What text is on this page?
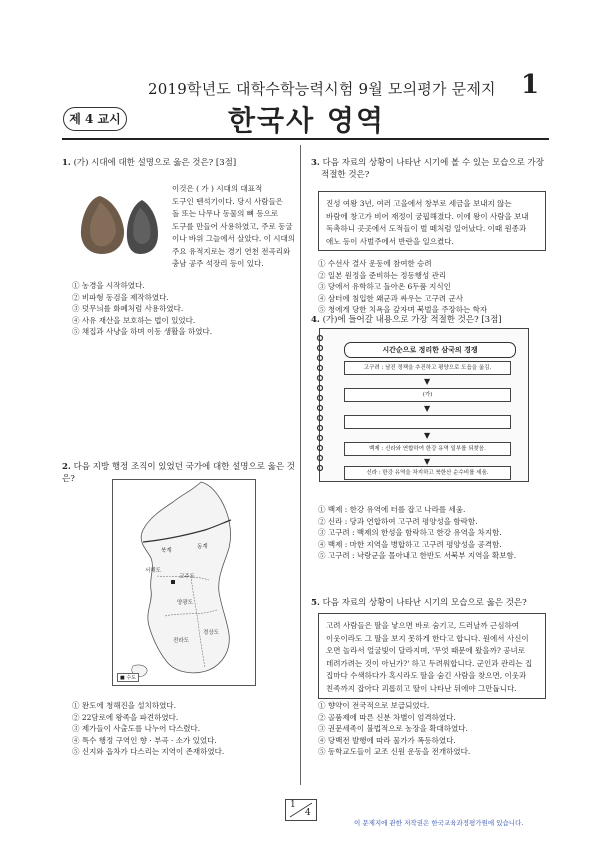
2019학년도 대학수학능력시험 9월 모의평가 문제지 1
제 4 교시	한국사 영역
1. (가) 시대에 대한 설명으로 옳은 것은? [3점]
이것은 ( 가 ) 시대의 대표적
도구인 뗀석기이다. 당시 사람들은
돌 또는 나무나 동물의 뼈 등으로
도구를 만들어 사용하였고, 주로 동굴
이나 바위 그늘에서 살았다. 이 시대의
주요 유적지로는 경기 연천 전곡리와
충남 공주 석장리 등이 있다.
① 농경을 시작하였다.
② 비파형 동검을 제작하였다.
③ 덧무늬를 화폐처럼 사용하였다.
④ 사유 재산을 보호하는 법이 있었다.
⑤ 채집과 사냥을 하며 이동 생활을 하였다.
2. 다음 지방 행정 조직이 있었던 국가에 대한 설명으로 옳은 것은?
북계
동계
서해도
교주도
양광도
경상도
전라도
■ 수도
① 완도에 청해진을 설치하였다.
② 22담로에 왕족을 파견하였다.
③ 제가들이 사출도를 나누어 다스렸다.
④ 특수 행정 구역인 향 · 부곡 · 소가 있었다.
⑤ 신지와 읍차가 다스리는 지역이 존재하였다.
3. 다음 자료의 상황이 나타난 시기에 볼 수 있는 모습으로 가장
적절한 것은?
진성 여왕 3년, 여러 고을에서 창부로 세금을 보내지 않는
바람에 창고가 비어 재정이 궁핍해졌다. 이에 왕이 사람을 보내
독촉하니 곳곳에서 도적들이 벌 떼처럼 일어났다. 이때 원종과
애노 등이 사벌주에서 반란을 일으켰다.
① 수선사 결사 운동에 참여한 승려
② 일본 원정을 준비하는 정동행성 관리
③ 당에서 유학하고 돌아온 6두품 지식인
④ 삼터에 침입한 왜군과 싸우는 고구려 군사
⑤ 청에게 당한 치욕을 갚자며 북벌을 주장하는 학자
4. (가)에 들어갈 내용으로 가장 적절한 것은? [3점]
시간순으로 정리한 삼국의 경쟁
고구려 : 남진 정책을 추진하고 평양으로 도읍을 옮김.
▼
(가)
▼
▼
백제 : 신라와 연합하여 한강 유역 일부를 되찾음.
▼
신라 : 한강 유역을 차지하고 북한산 순수비를 세움.
① 백제 : 한강 유역에 터를 잡고 나라를 세움.
② 신라 : 당과 연합하여 고구려 평양성을 함락함.
③ 고구려 : 백제의 한성을 함락하고 한강 유역을 차지함.
④ 백제 : 마한 지역을 병합하고 고구려 평양성을 공격함.
⑤ 고구려 : 낙랑군을 몰아내고 한반도 서북부 지역을 확보함.
5. 다음 자료의 상황이 나타난 시기의 모습으로 옳은 것은?
고려 사람들은 딸을 낳으면 바로 숨기고, 드러날까 근심하여
이웃이라도 그 딸을 보지 못하게 한다고 합니다. 원에서 사신이
오면 놀라서 얼굴빛이 달라지며, '무엇 때문에 왔을까? 공녀로
데려가려는 것이 아닌가?' 하고 두려워합니다. 군인과 관리는 집
집마다 수색하다가 혹시라도 딸을 숨긴 사람을 찾으면, 이웃과
친족까지 잡아다 괴롭히고 딸이 나타난 뒤에야 그만둡니다.
① 향약이 전국적으로 보급되었다.
② 골품제에 따른 신분 차별이 엄격하였다.
③ 권문세족이 불법적으로 농장을 확대하였다.
④ 당백전 발행에 따라 물가가 폭등하였다.
⑤ 동학교도들이 교조 신원 운동을 전개하였다.
1
4
이 문제지에 관한 저작권은 한국교육과정평가원에 있습니다.
